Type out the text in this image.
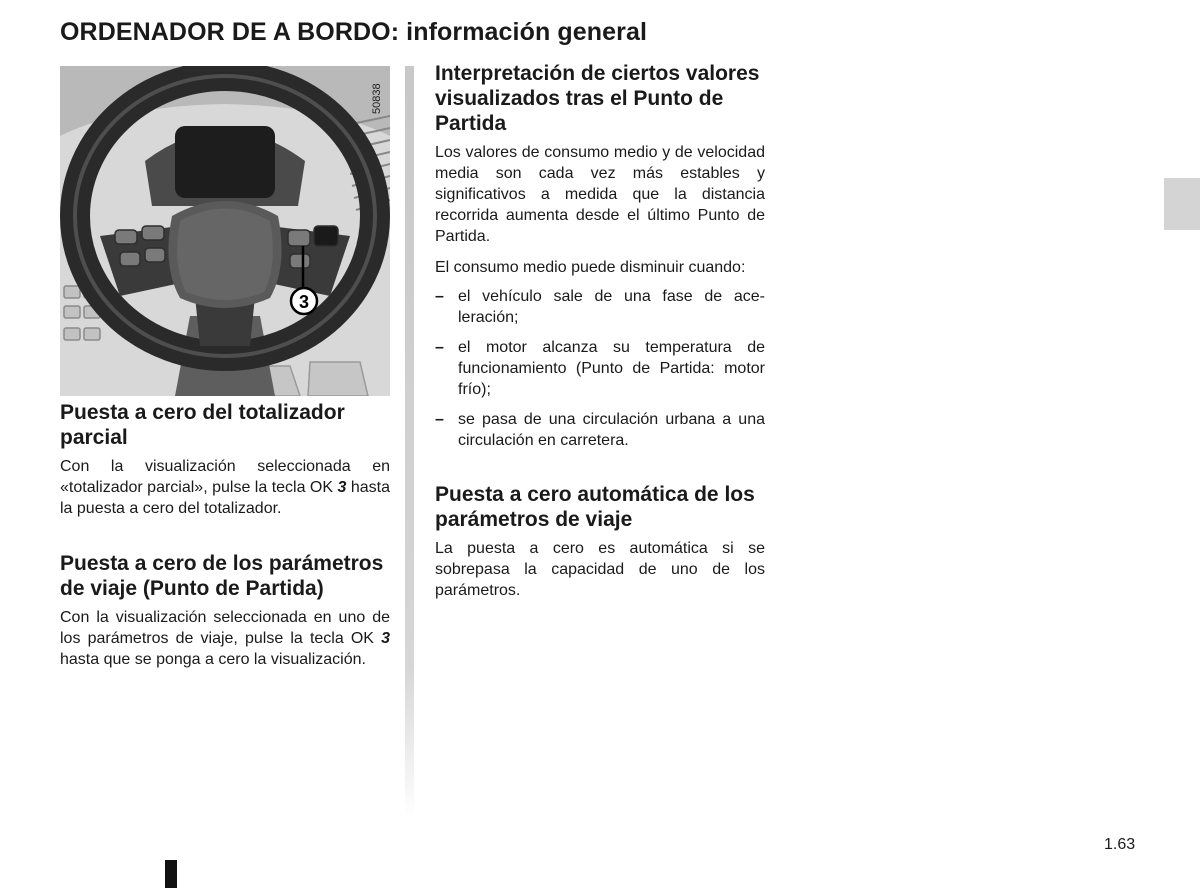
ORDENADOR DE A BORDO: información general
3
50838
Puesta a cero del totalizador parcial

Con la visualización seleccionada en «totalizador parcial», pulse la tecla OK 3 hasta la puesta a cero del totalizador.

Puesta a cero de los parámetros de viaje (Punto de Partida)

Con la visualización seleccionada en uno de los parámetros de viaje, pulse la tecla OK 3 hasta que se ponga a cero la visualización.

Interpretación de ciertos valores visualizados tras el Punto de Partida

Los valores de consumo medio y de velocidad media son cada vez más estables y significativos a medida que la distancia recorrida aumenta desde el último Punto de Partida.

El consumo medio puede disminuir cuando:

– el vehículo sale de una fase de aceleración;
– el motor alcanza su temperatura de funcionamiento (Punto de Partida: motor frío);
– se pasa de una circulación urbana a una circulación en carretera.
Puesta a cero automática de los parámetros de viaje

La puesta a cero es automática si se sobrepasa la capacidad de uno de los parámetros.

1.63
